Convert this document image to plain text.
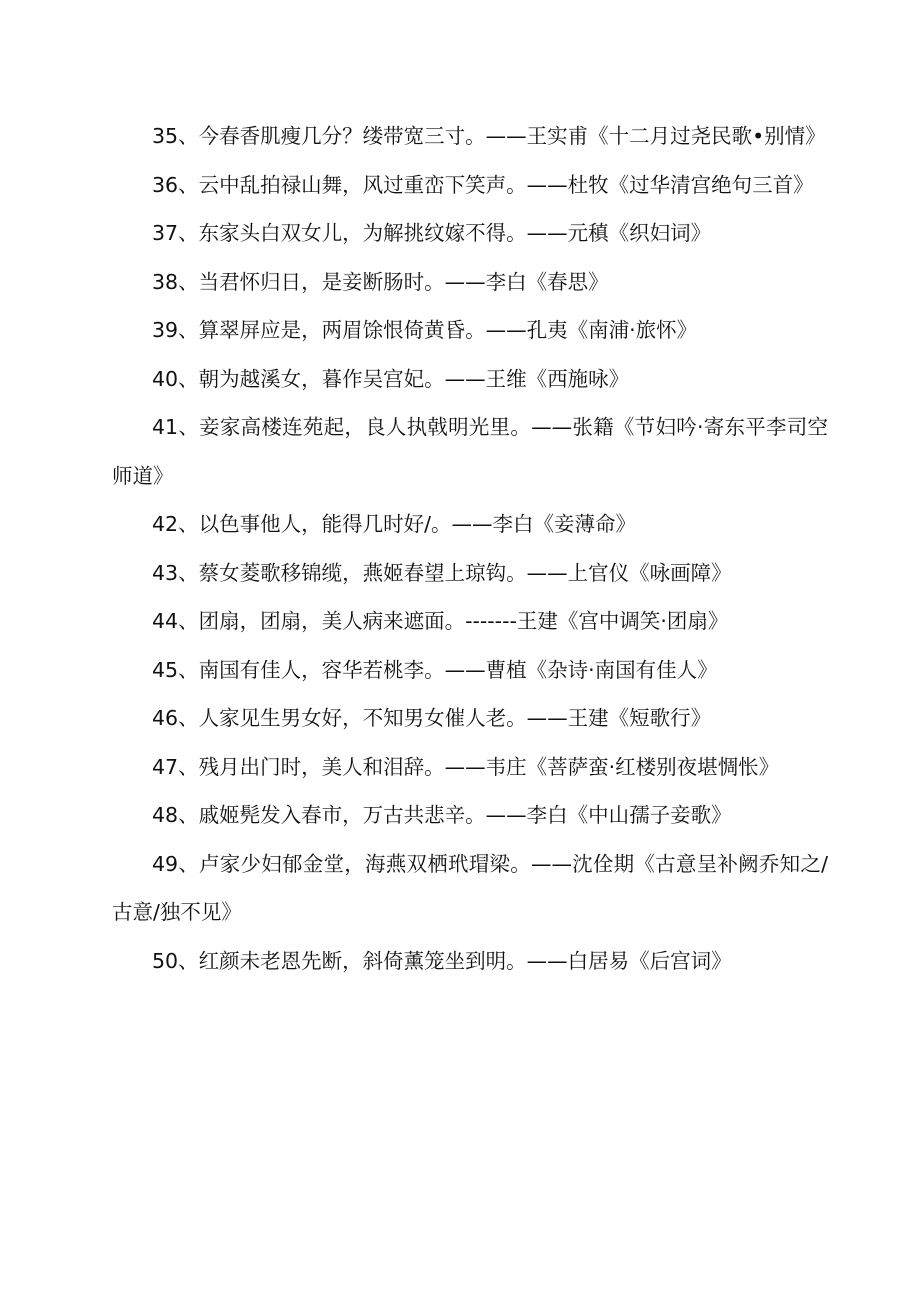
35、今春香肌瘦几分？缕带宽三寸。——王实甫《十二月过尧民歌•别情》

36、云中乱拍禄山舞，风过重峦下笑声。——杜牧《过华清宫绝句三首》

37、东家头白双女儿，为解挑纹嫁不得。——元稹《织妇词》

38、当君怀归日，是妾断肠时。——李白《春思》

39、算翠屏应是，两眉馀恨倚黄昏。——孔夷《南浦·旅怀》

40、朝为越溪女，暮作吴宫妃。——王维《西施咏》

41、妾家高楼连苑起，良人执戟明光里。——张籍《节妇吟·寄东平李司空师道》

42、以色事他人，能得几时好/。——李白《妾薄命》

43、蔡女菱歌移锦缆，燕姬春望上琼钩。——上官仪《咏画障》

44、团扇，团扇，美人病来遮面。-------王建《宫中调笑·团扇》

45、南国有佳人，容华若桃李。——曹植《杂诗·南国有佳人》

46、人家见生男女好，不知男女催人老。——王建《短歌行》

47、残月出门时，美人和泪辞。——韦庄《菩萨蛮·红楼别夜堪惆怅》

48、戚姬髡发入春市，万古共悲辛。——李白《中山孺子妾歌》

49、卢家少妇郁金堂，海燕双栖玳瑁梁。——沈佺期《古意呈补阙乔知之/古意/独不见》

50、红颜未老恩先断，斜倚薰笼坐到明。——白居易《后宫词》
